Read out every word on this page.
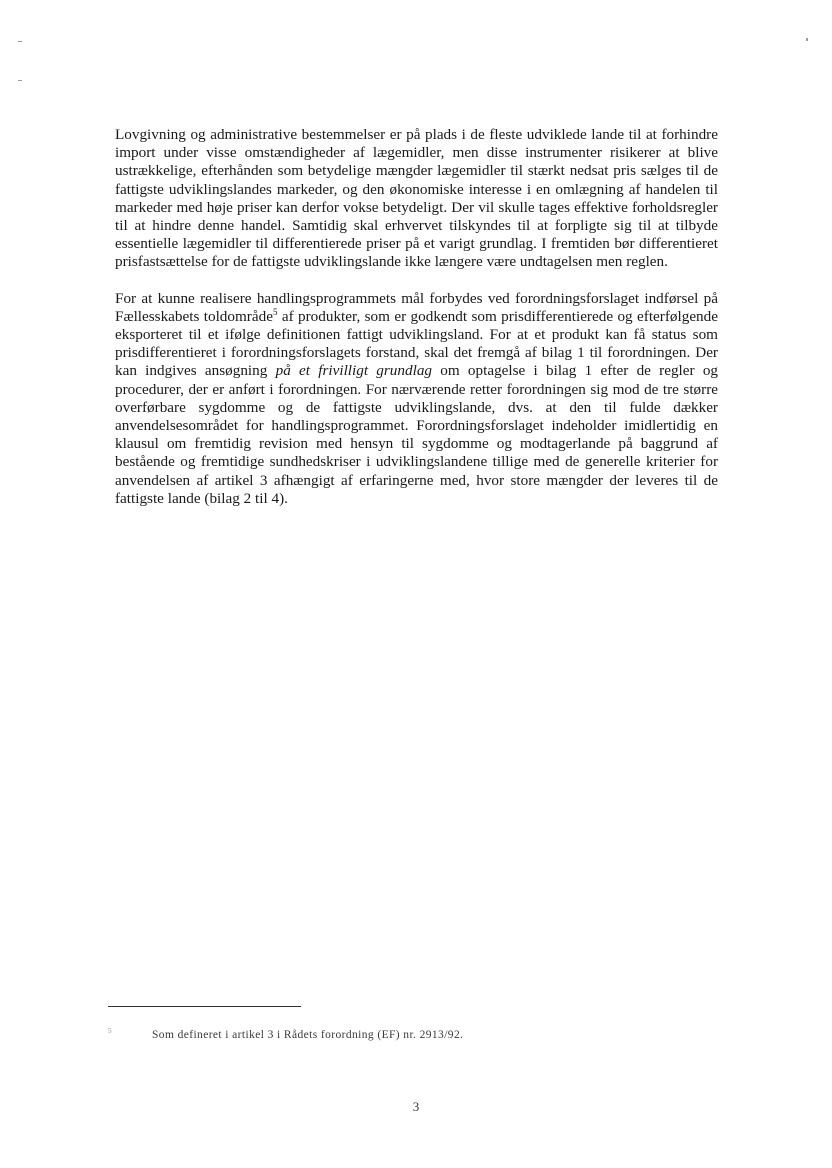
Lovgivning og administrative bestemmelser er på plads i de fleste udviklede lande til at forhindre import under visse omstændigheder af lægemidler, men disse instrumenter risikerer at blive ustrækkelige, efterhånden som betydelige mængder lægemidler til stærkt nedsat pris sælges til de fattigste udviklingslandes markeder, og den økonomiske interesse i en omlægning af handelen til markeder med høje priser kan derfor vokse betydeligt. Der vil skulle tages effektive forholdsregler til at hindre denne handel. Samtidig skal erhvervet tilskyndes til at forpligte sig til at tilbyde essentielle lægemidler til differentierede priser på et varigt grundlag. I fremtiden bør differentieret prisfastsættelse for de fattigste udviklingslande ikke længere være undtagelsen men reglen.

For at kunne realisere handlingsprogrammets mål forbydes ved forordningsforslaget indførsel på Fællesskabets toldområde$^5$ af produkter, som er godkendt som prisdifferentierede og efterfølgende eksporteret til et ifølge definitionen fattigt udviklingsland. For at et produkt kan få status som prisdifferentieret i forordningsforslagets forstand, skal det fremgå af bilag 1 til forordningen. Der kan indgives ansøgning på et frivilligt grundlag om optagelse i bilag 1 efter de regler og procedurer, der er anført i forordningen. For nærværende retter forordningen sig mod de tre større overførbare sygdomme og de fattigste udviklingslande, dvs. at den til fulde dækker anvendelsesområdet for handlingsprogrammet. Forordningsforslaget indeholder imidlertidig en klausul om fremtidig revision med hensyn til sygdomme og modtagerlande på baggrund af bestående og fremtidige sundhedskriser i udviklingslandene tillige med de generelle kriterier for anvendelsen af artikel 3 afhængigt af erfaringerne med, hvor store mængder der leveres til de fattigste lande (bilag 2 til 4).

5	Som defineret i artikel 3 i Rådets forordning (EF) nr. 2913/92.
3
